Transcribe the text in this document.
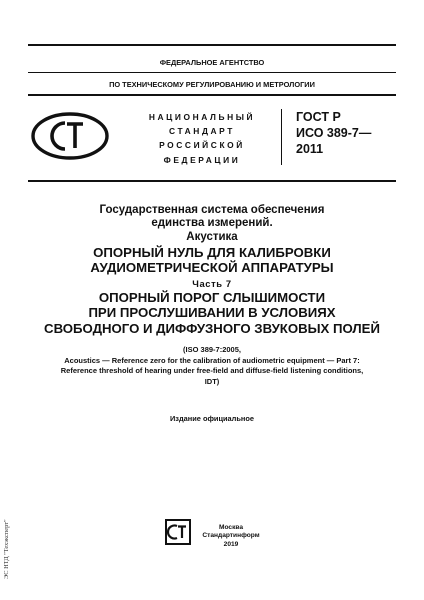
ФЕДЕРАЛЬНОЕ АГЕНТСТВО
ПО ТЕХНИЧЕСКОМУ РЕГУЛИРОВАНИЮ И МЕТРОЛОГИИ
НАЦИОНАЛЬНЫЙ
СТАНДАРТ
РОССИЙСКОЙ
ФЕДЕРАЦИИ
ГОСТ Р
ИСО 389-7—
2011
Государственная система обеспечения
единства измерений.
Акустика
ОПОРНЫЙ НУЛЬ ДЛЯ КАЛИБРОВКИ
АУДИОМЕТРИЧЕСКОЙ АППАРАТУРЫ
Часть 7
ОПОРНЫЙ ПОРОГ СЛЫШИМОСТИ
ПРИ ПРОСЛУШИВАНИИ В УСЛОВИЯХ
СВОБОДНОГО И ДИФФУЗНОГО ЗВУКОВЫХ ПОЛЕЙ
(ISO 389-7:2005,
Acoustics — Reference zero for the calibration of audiometric equipment — Part 7:
Reference threshold of hearing under free-field and diffuse-field listening conditions,
IDT)
Издание официальное
Москва
Стандартинформ
2019
ЭС НТД "Техэксперт"
